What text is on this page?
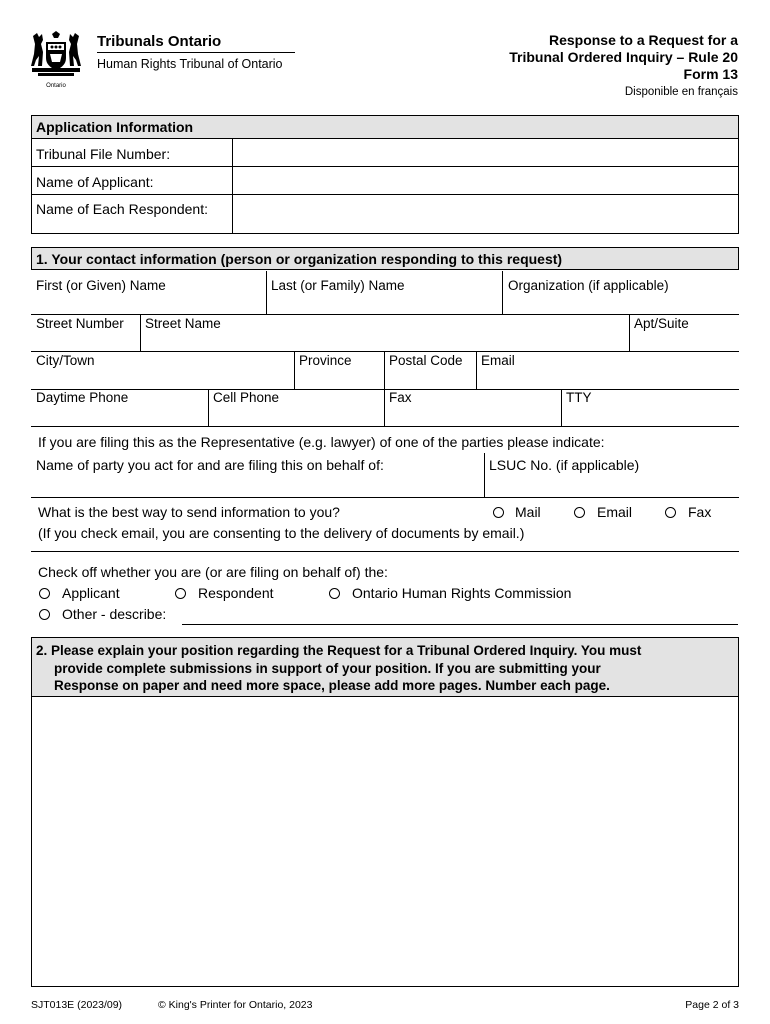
Ontario
Tribunals Ontario
Human Rights Tribunal of Ontario
Response to a Request for a
Tribunal Ordered Inquiry – Rule 20
Form 13
Disponible en français
Application Information
Tribunal File Number:
Name of Applicant:
Name of Each Respondent:
1. Your contact information (person or organization responding to this request)
First (or Given) Name	Last (or Family) Name	Organization (if applicable)
Street Number Street Name	Apt/Suite
City/Town	Province	Postal Code Email
Daytime Phone	Cell Phone	Fax	TTY
If you are filing this as the Representative (e.g. lawyer) of one of the parties please indicate:
Name of party you act for and are filing this on behalf of:	LSUC No. (if applicable)
What is the best way to send information to you?	Mail	Email	Fax
(If you check email, you are consenting to the delivery of documents by email.)
Check off whether you are (or are filing on behalf of) the:
Applicant	Respondent	Ontario Human Rights Commission
Other - describe:
2. Please explain your position regarding the Request for a Tribunal Ordered Inquiry. You must
provide complete submissions in support of your position. If you are submitting your
Response on paper and need more space, please add more pages. Number each page.
SJT013E (2023/09)	© King's Printer for Ontario, 2023	Page 2 of 3
